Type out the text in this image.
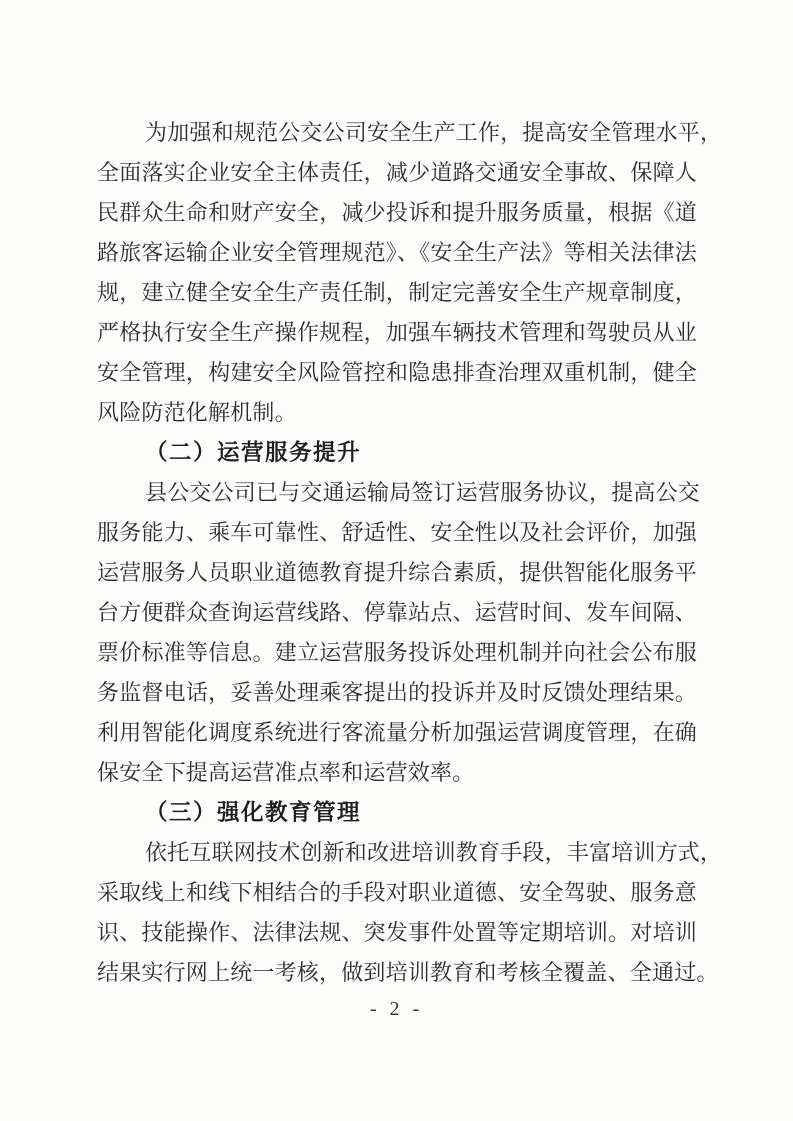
为加强和规范公交公司安全生产工作，提高安全管理水平，
全面落实企业安全主体责任，减少道路交通安全事故、保障人
民群众生命和财产安全，减少投诉和提升服务质量，根据《道
路旅客运输企业安全管理规范》、《安全生产法》等相关法律法
规，建立健全安全生产责任制，制定完善安全生产规章制度，
严格执行安全生产操作规程，加强车辆技术管理和驾驶员从业
安全管理，构建安全风险管控和隐患排查治理双重机制，健全
风险防范化解机制。
（二）运营服务提升
县公交公司已与交通运输局签订运营服务协议，提高公交
服务能力、乘车可靠性、舒适性、安全性以及社会评价，加强
运营服务人员职业道德教育提升综合素质，提供智能化服务平
台方便群众查询运营线路、停靠站点、运营时间、发车间隔、
票价标准等信息。建立运营服务投诉处理机制并向社会公布服
务监督电话，妥善处理乘客提出的投诉并及时反馈处理结果。
利用智能化调度系统进行客流量分析加强运营调度管理，在确
保安全下提高运营准点率和运营效率。
（三）强化教育管理
依托互联网技术创新和改进培训教育手段，丰富培训方式，
采取线上和线下相结合的手段对职业道德、安全驾驶、服务意
识、技能操作、法律法规、突发事件处置等定期培训。对培训
结果实行网上统一考核，做到培训教育和考核全覆盖、全通过。
- 2 -
